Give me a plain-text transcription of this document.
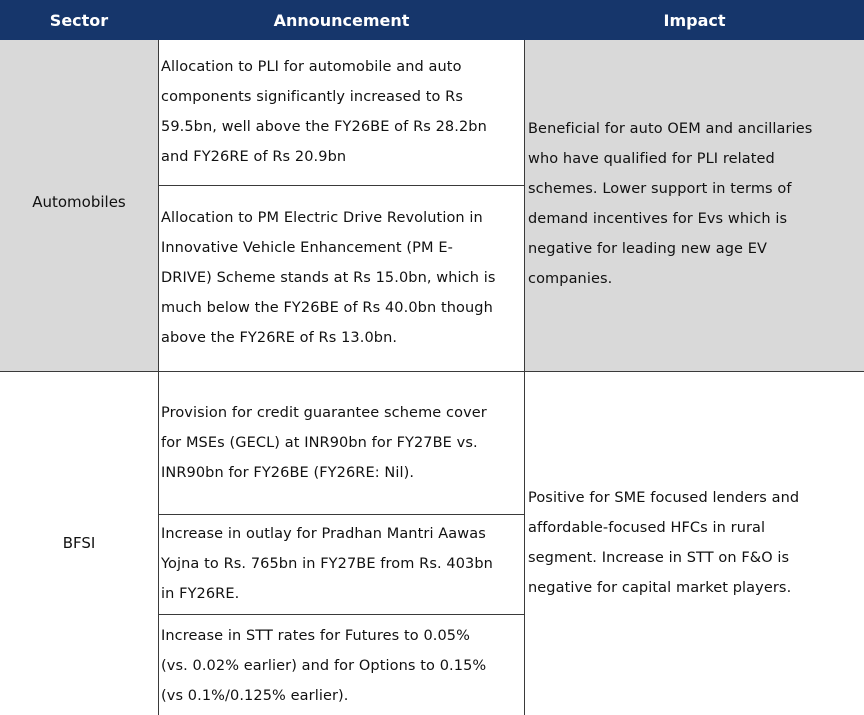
Sector	Announcement	Impact
Automobiles
Allocation to PLI for automobile and auto
components significantly increased to Rs
59.5bn, well above the FY26BE of Rs 28.2bn
and FY26RE of Rs 20.9bn
Allocation to PM Electric Drive Revolution in
Innovative Vehicle Enhancement (PM E-
DRIVE) Scheme stands at Rs 15.0bn, which is
much below the FY26BE of Rs 40.0bn though
above the FY26RE of Rs 13.0bn.
Beneficial for auto OEM and ancillaries
who have qualified for PLI related
schemes. Lower support in terms of
demand incentives for Evs which is
negative for leading new age EV
companies.
BFSI
Provision for credit guarantee scheme cover
for MSEs (GECL) at INR90bn for FY27BE vs.
INR90bn for FY26BE (FY26RE: Nil).
Increase in outlay for Pradhan Mantri Aawas
Yojna to Rs. 765bn in FY27BE from Rs. 403bn
in FY26RE.
Increase in STT rates for Futures to 0.05%
(vs. 0.02% earlier) and for Options to 0.15%
(vs 0.1%/0.125% earlier).
Positive for SME focused lenders and
affordable-focused HFCs in rural
segment. Increase in STT on F&O is
negative for capital market players.
